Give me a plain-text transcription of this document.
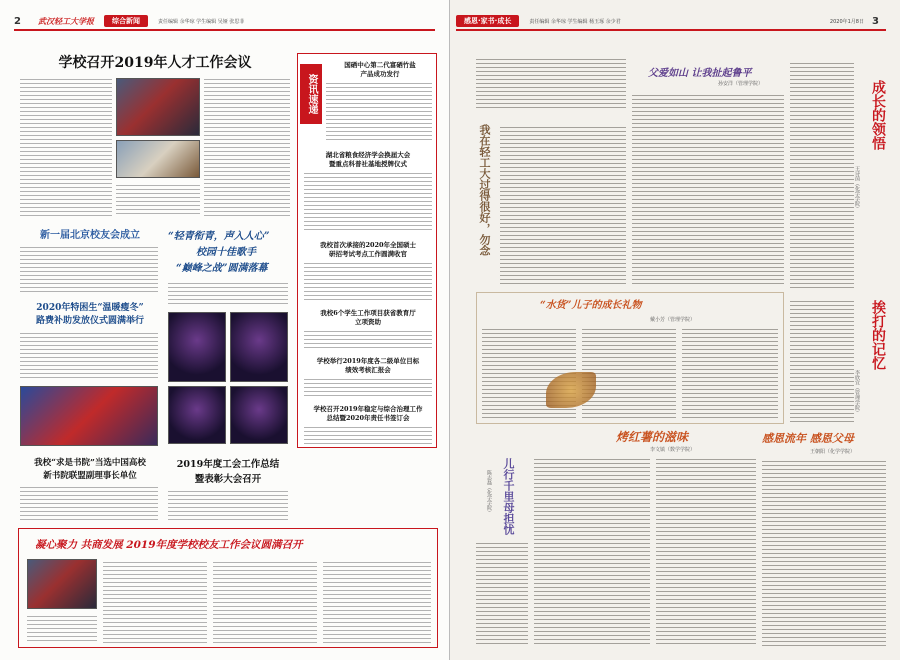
2	武汉轻工大学报	综合新闻	责任编辑 余华琼 学生编辑 吴娅 张思菲
学校召开2019年人才工作会议
新一届北京校友会成立
2020年特困生“温暖瘦冬”
路费补助发放仪式圆满举行
我校“求是书院”当选中国高校
新书院联盟副理事长单位
“轻青衔青，声入人心”
校园十佳歌手
“巅峰之战”圆满落幕
2019年度工会工作总结
暨表彰大会召开
资讯速递
国硒中心第二代富硒竹盐
产品成功发行
湖北省粮食经济学会换届大会
暨重点科普社基地授牌仪式
我校首次承接的2020年全国硕士
研招考试考点工作圆满收官
我校6个学生工作项目获省教育厅
立项资助
学校举行2019年度各二级单位目标
绩效考核汇报会
学校召开2019年稳定与综合治理工作
总结暨2020年责任书签订会
凝心聚力 共商发展 2019年度学校校友工作会议圆满召开
感恩·家书·成长	责任编辑 余华琼 学生编辑 杨玉琢 余少君	2020年1月8日 3
我在轻工大过得很好，勿念
父爱如山 让我扯起鲁平
孙安洋（管理学院）
“水货”儿子的成长礼物
戴小芳（管理学院）
成长的领悟
王诗茵（化学学院）
挨打的记忆
李欣宜（管理学院）
烤红薯的滋味
李文镇（数学学院）
儿行千里母担忧
陈志磊（化学学院）
感恩流年 感恩父母
王朝阳（化学学院）
